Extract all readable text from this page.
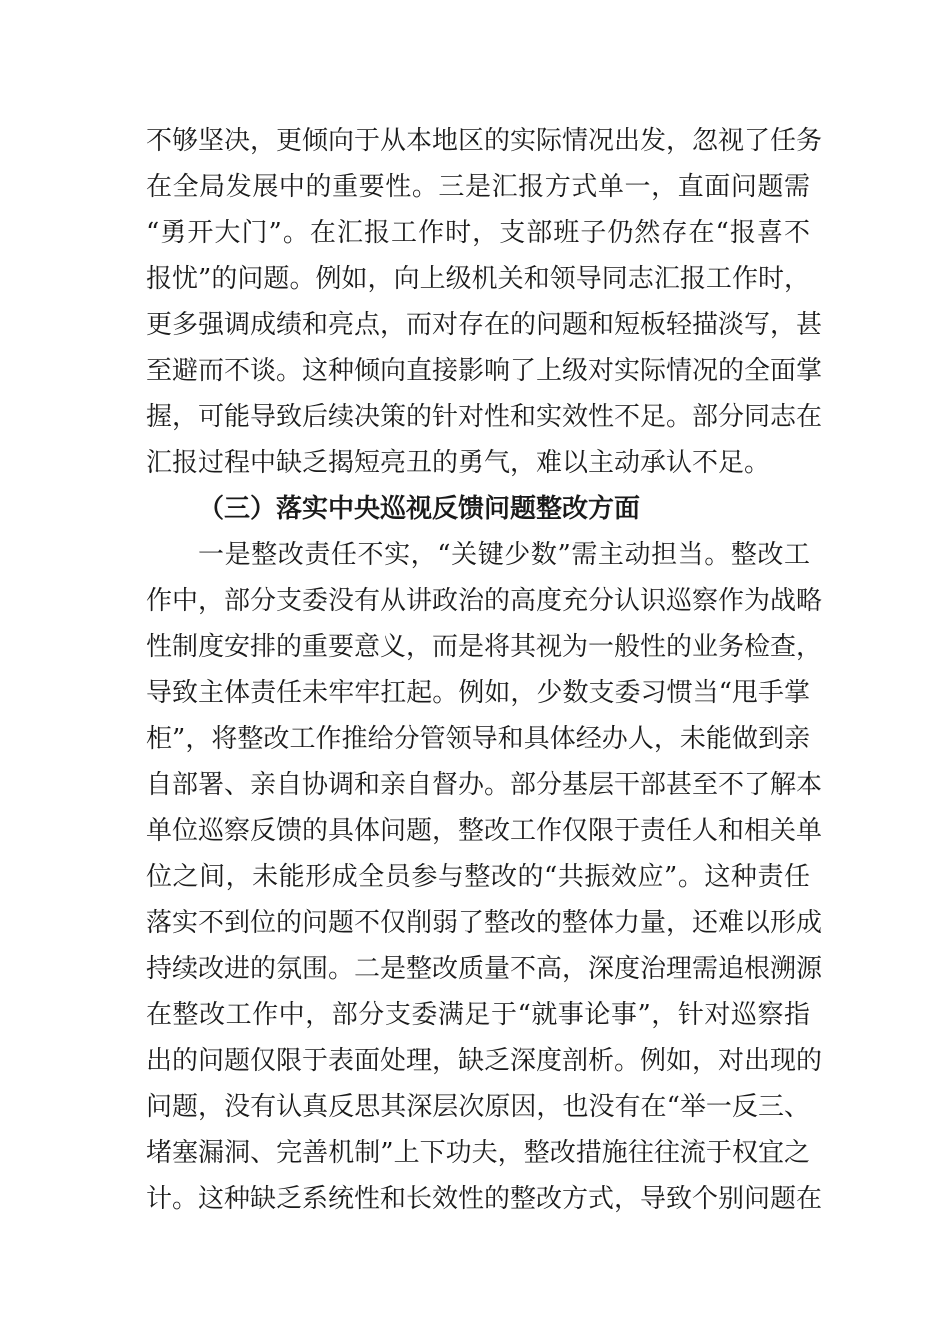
不够坚决，更倾向于从本地区的实际情况出发，忽视了任务
在全局发展中的重要性。三是汇报方式单一，直面问题需
“勇开大门”。在汇报工作时，支部班子仍然存在“报喜不
报忧”的问题。例如，向上级机关和领导同志汇报工作时，
更多强调成绩和亮点，而对存在的问题和短板轻描淡写，甚
至避而不谈。这种倾向直接影响了上级对实际情况的全面掌
握，可能导致后续决策的针对性和实效性不足。部分同志在
汇报过程中缺乏揭短亮丑的勇气，难以主动承认不足。
（三）落实中央巡视反馈问题整改方面
一是整改责任不实，“关键少数”需主动担当。整改工
作中，部分支委没有从讲政治的高度充分认识巡察作为战略
性制度安排的重要意义，而是将其视为一般性的业务检查，
导致主体责任未牢牢扛起。例如，少数支委习惯当“甩手掌
柜”，将整改工作推给分管领导和具体经办人，未能做到亲
自部署、亲自协调和亲自督办。部分基层干部甚至不了解本
单位巡察反馈的具体问题，整改工作仅限于责任人和相关单
位之间，未能形成全员参与整改的“共振效应”。这种责任
落实不到位的问题不仅削弱了整改的整体力量，还难以形成
持续改进的氛围。二是整改质量不高，深度治理需追根溯源
在整改工作中，部分支委满足于“就事论事”，针对巡察指
出的问题仅限于表面处理，缺乏深度剖析。例如，对出现的
问题，没有认真反思其深层次原因，也没有在“举一反三、
堵塞漏洞、完善机制”上下功夫，整改措施往往流于权宜之
计。这种缺乏系统性和长效性的整改方式，导致个别问题在
